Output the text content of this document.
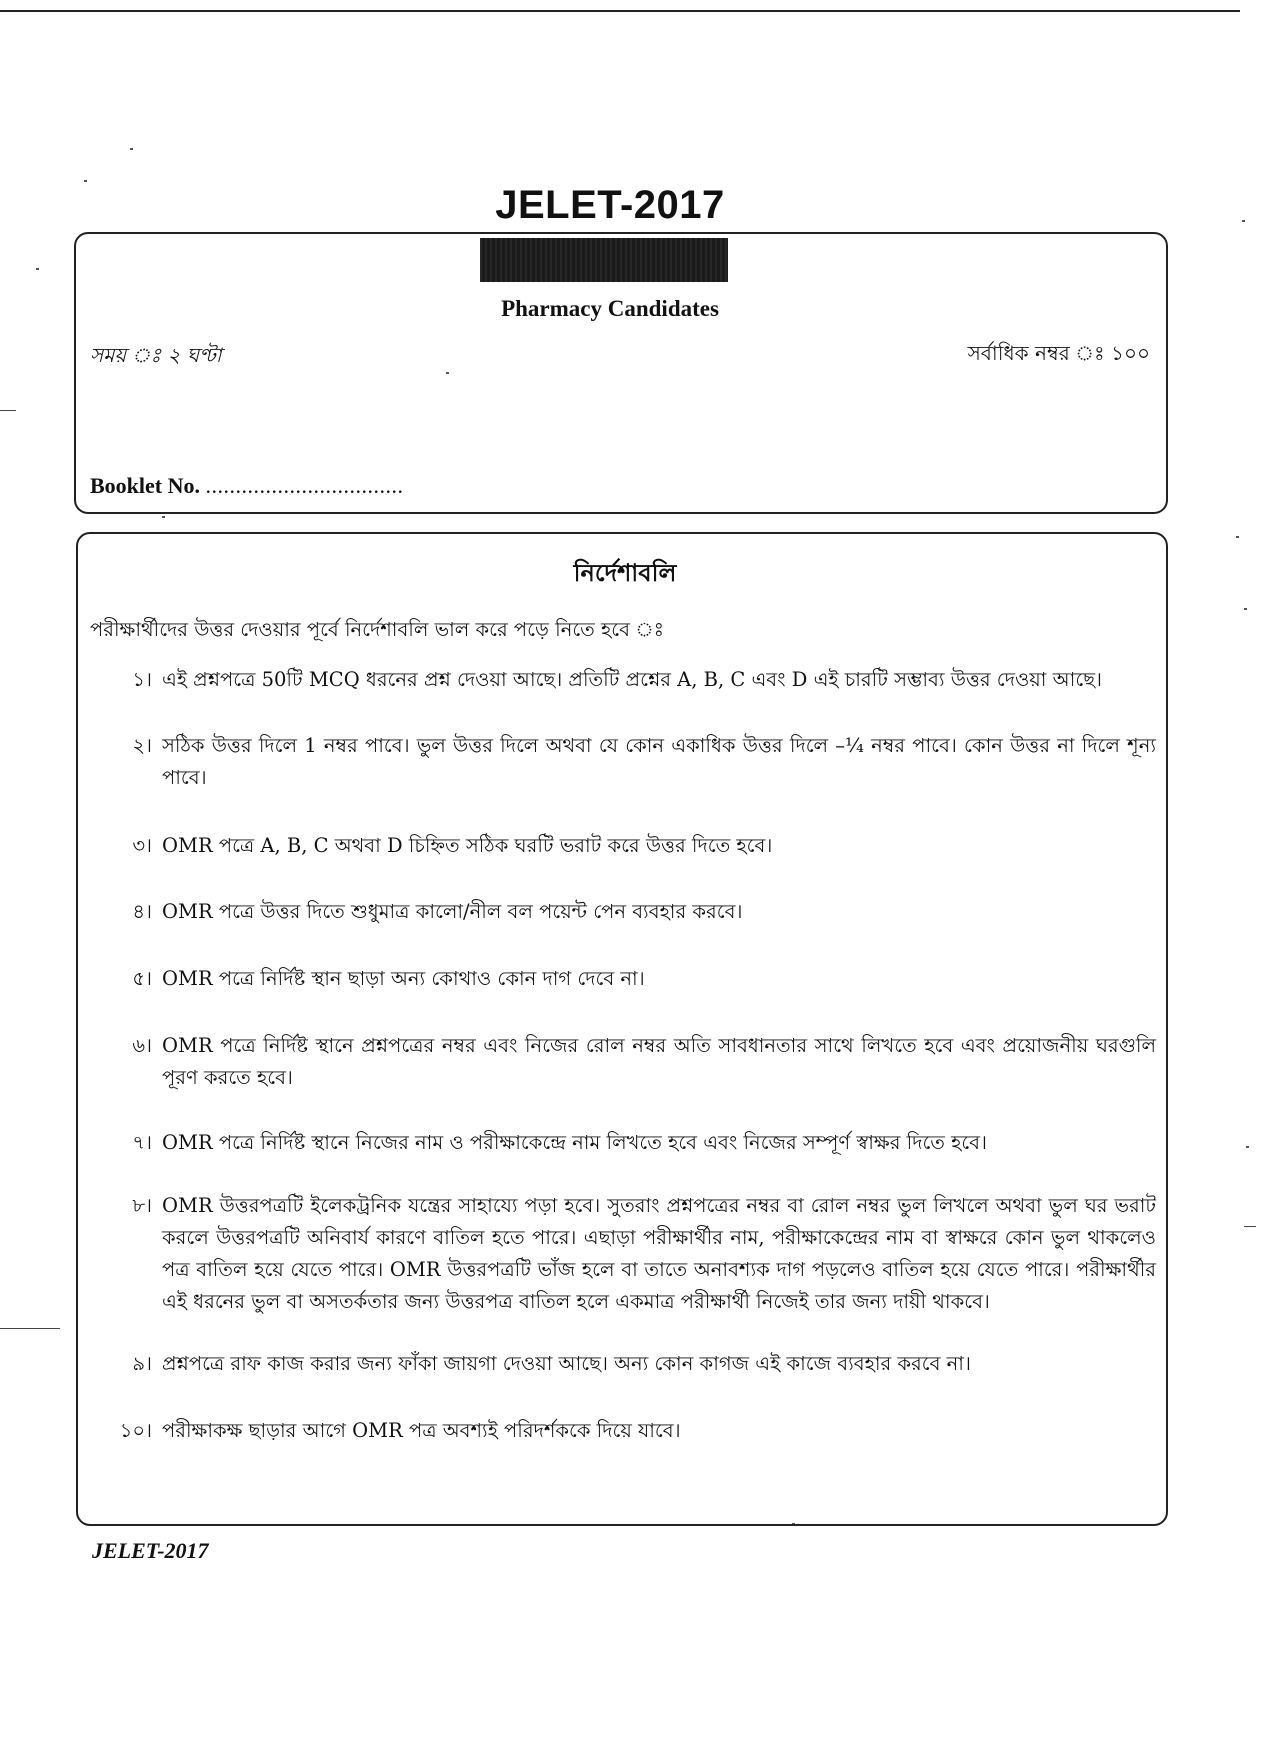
JELET-2017
Pharmacy Candidates
সময় ঃ ২ ঘণ্টা	সর্বাধিক নম্বর ঃ ১০০
Booklet No. .................................
নির্দেশাবলি
পরীক্ষার্থীদের উত্তর দেওয়ার পূর্বে নির্দেশাবলি ভাল করে পড়ে নিতে হবে ঃ
১। এই প্রশ্নপত্রে 50টি MCQ ধরনের প্রশ্ন দেওয়া আছে। প্রতিটি প্রশ্নের A, B, C এবং D এই চারটি সম্ভাব্য উত্তর দেওয়া আছে।
২। সঠিক উত্তর দিলে 1 নম্বর পাবে। ভুল উত্তর দিলে অথবা যে কোন একাধিক উত্তর দিলে –¼ নম্বর পাবে। কোন উত্তর না দিলে শূন্য পাবে।
৩। OMR পত্রে A, B, C অথবা D চিহ্নিত সঠিক ঘরটি ভরাট করে উত্তর দিতে হবে।
৪। OMR পত্রে উত্তর দিতে শুধুমাত্র কালো/নীল বল পয়েন্ট পেন ব্যবহার করবে।
৫। OMR পত্রে নির্দিষ্ট স্থান ছাড়া অন্য কোথাও কোন দাগ দেবে না।
৬। OMR পত্রে নির্দিষ্ট স্থানে প্রশ্নপত্রের নম্বর এবং নিজের রোল নম্বর অতি সাবধানতার সাথে লিখতে হবে এবং প্রয়োজনীয় ঘরগুলি পূরণ করতে হবে।
৭। OMR পত্রে নির্দিষ্ট স্থানে নিজের নাম ও পরীক্ষাকেন্দ্রে নাম লিখতে হবে এবং নিজের সম্পূর্ণ স্বাক্ষর দিতে হবে।
৮। OMR উত্তরপত্রটি ইলেকট্রনিক যন্ত্রের সাহায্যে পড়া হবে। সুতরাং প্রশ্নপত্রের নম্বর বা রোল নম্বর ভুল লিখলে অথবা ভুল ঘর ভরাট করলে উত্তরপত্রটি অনিবার্য কারণে বাতিল হতে পারে। এছাড়া পরীক্ষার্থীর নাম, পরীক্ষাকেন্দ্রের নাম বা স্বাক্ষরে কোন ভুল থাকলেও পত্র বাতিল হয়ে যেতে পারে। OMR উত্তরপত্রটি ভাঁজ হলে বা তাতে অনাবশ্যক দাগ পড়লেও বাতিল হয়ে যেতে পারে। পরীক্ষার্থীর এই ধরনের ভুল বা অসতর্কতার জন্য উত্তরপত্র বাতিল হলে একমাত্র পরীক্ষার্থী নিজেই তার জন্য দায়ী থাকবে।
৯। প্রশ্নপত্রে রাফ কাজ করার জন্য ফাঁকা জায়গা দেওয়া আছে। অন্য কোন কাগজ এই কাজে ব্যবহার করবে না।
১০। পরীক্ষাকক্ষ ছাড়ার আগে OMR পত্র অবশ্যই পরিদর্শককে দিয়ে যাবে।
JELET-2017
